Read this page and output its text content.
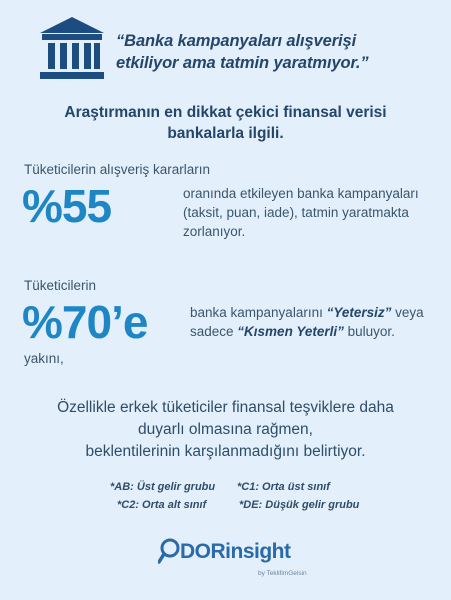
“Banka kampanyaları alışverişi
etkiliyor ama tatmin yaratmıyor.”
Araştırmanın en dikkat çekici finansal verisi
bankalarla ilgili.
Tüketicilerin alışveriş kararların
%55	oranında etkileyen banka kampanyaları
(taksit, puan, iade), tatmin yaratmakta
zorlanıyor.
Tüketicilerin
%70’e
yakını,
banka kampanyalarını “Yetersiz” veya
sadece “Kısmen Yeterli” buluyor.
Özellikle erkek tüketiciler finansal teşviklere daha
duyarlı olmasına rağmen,
beklentilerinin karşılanmadığını belirtiyor.
*AB: Üst gelir grubu *C1: Orta üst sınıf
*C2: Orta alt sınıf	*DE: Düşük gelir grubu
DORinsight
by TeklifimGelsin
